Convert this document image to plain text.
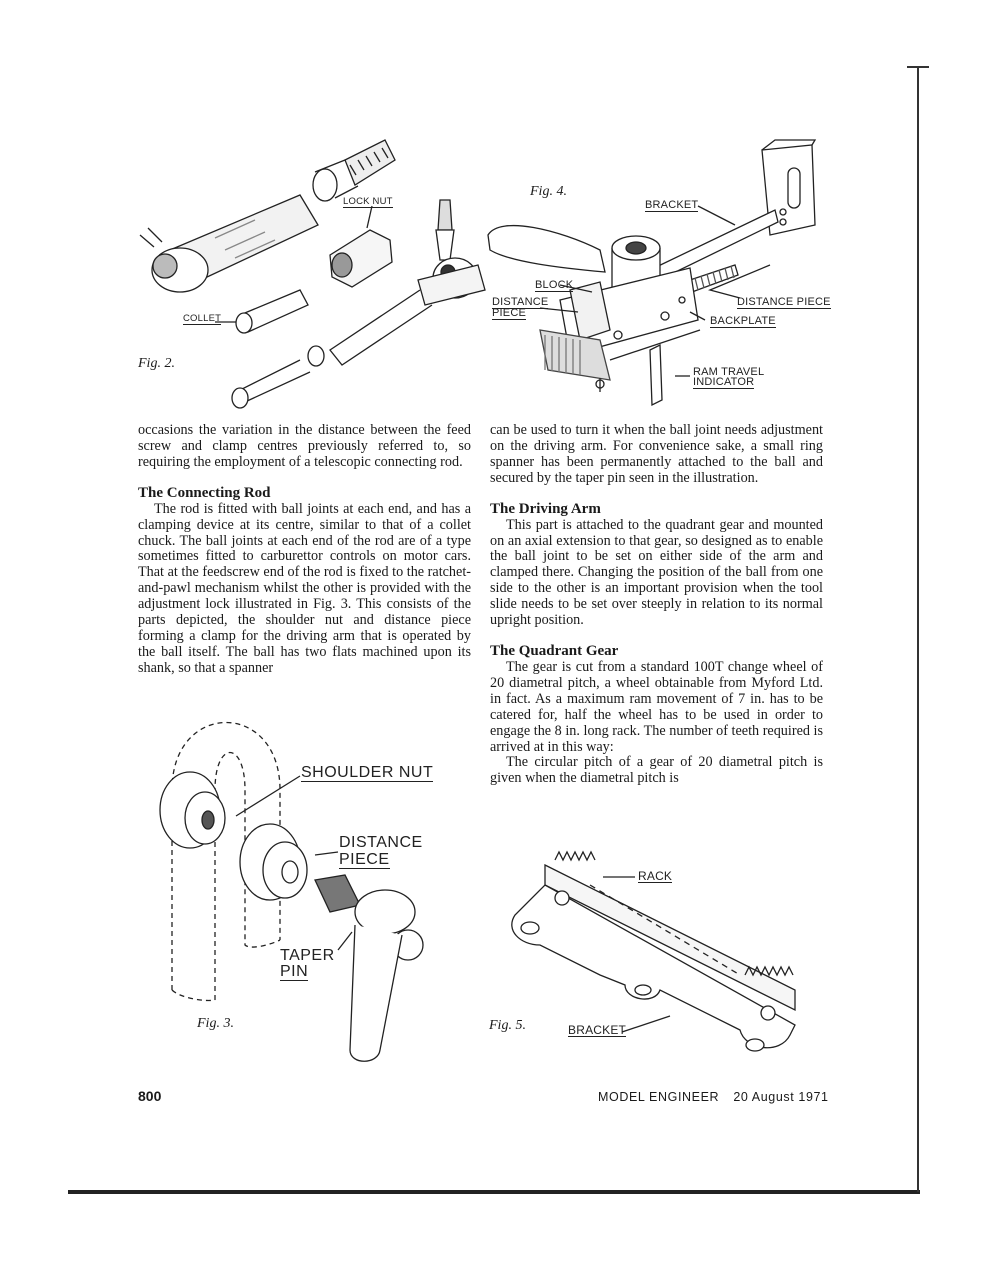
LOCK NUT
COLLET
Fig. 2.
Fig. 4.
BRACKET
BLOCK
DISTANCE
PIECE
DISTANCE PIECE
BACKPLATE
RAM TRAVEL
INDICATOR

occasions the variation in the distance between the feed screw and clamp centres previously referred to, so requiring the employment of a telescopic connecting rod.

The Connecting Rod

The rod is fitted with ball joints at each end, and has a clamping device at its centre, similar to that of a collet chuck. The ball joints at each end of the rod are of a type sometimes fitted to carburettor controls on motor cars. That at the feedscrew end of the rod is fixed to the ratchet-and-pawl mechanism whilst the other is provided with the adjustment lock illustrated in Fig. 3. This consists of the parts depicted, the shoulder nut and distance piece forming a clamp for the driving arm that is operated by the ball itself. The ball has two flats machined upon its shank, so that a spanner

can be used to turn it when the ball joint needs adjustment on the driving arm. For convenience sake, a small ring spanner has been permanently attached to the ball and secured by the taper pin seen in the illustration.

The Driving Arm

This part is attached to the quadrant gear and mounted on an axial extension to that gear, so designed as to enable the ball joint to be set on either side of the arm and clamped there. Changing the position of the ball from one side to the other is an important provision when the tool slide needs to be set over steeply in relation to its normal upright position.

The Quadrant Gear

The gear is cut from a standard 100T change wheel of 20 diametral pitch, a wheel obtainable from Myford Ltd. in fact. As a maximum ram movement of 7 in. has to be catered for, half the wheel has to be used in order to engage the 8 in. long rack. The number of teeth required is arrived at in this way:

The circular pitch of a gear of 20 diametral pitch is given when the diametral pitch is

SHOULDER NUT
DISTANCE
PIECE
TAPER
PIN
Fig. 3.
RACK
BRACKET
Fig. 5.
800	MODEL ENGINEER 20 August 1971
